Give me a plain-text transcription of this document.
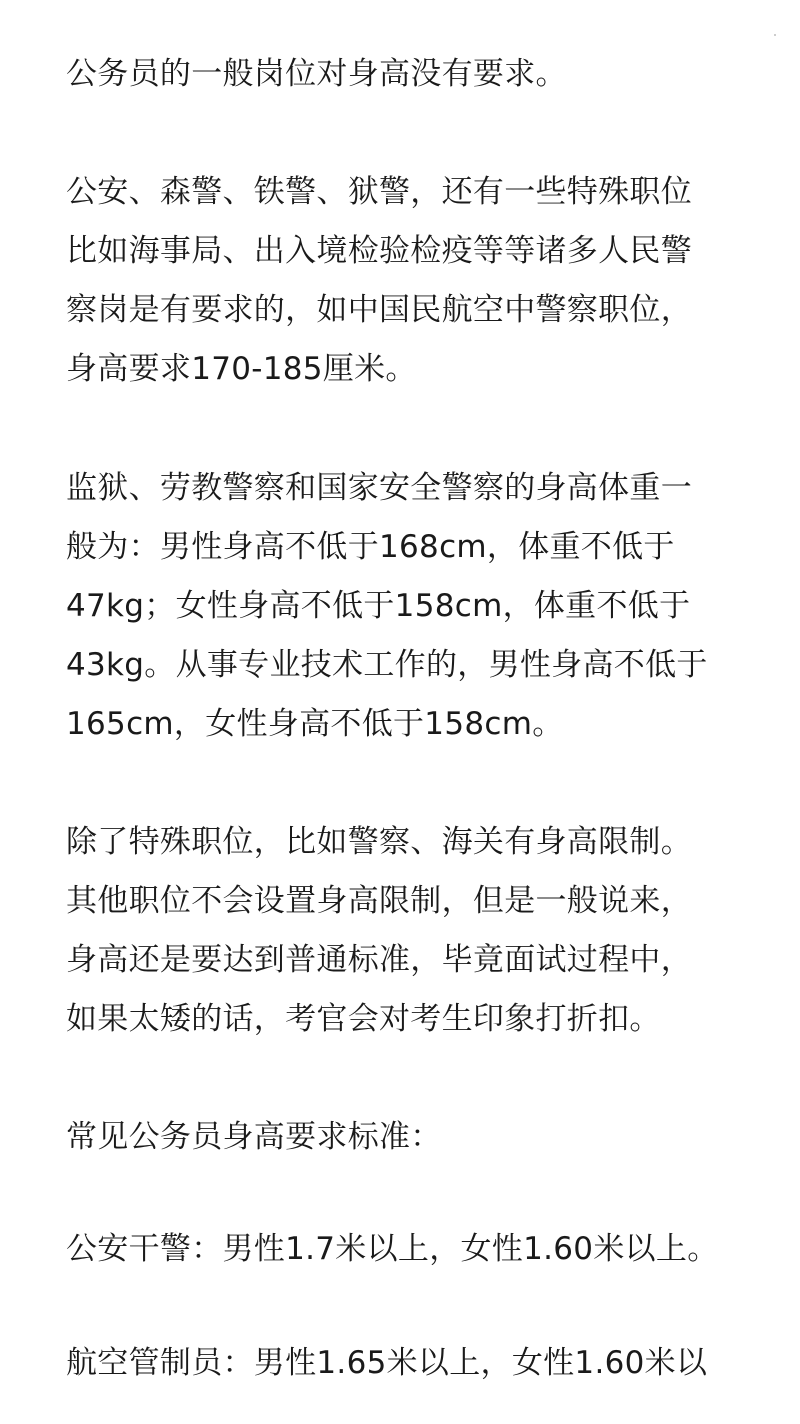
公务员的一般岗位对身高没有要求。

公安、森警、铁警、狱警，还有一些特殊职位
比如海事局、出入境检验检疫等等诸多人民警
察岗是有要求的，如中国民航空中警察职位，
身高要求170-185厘米。

监狱、劳教警察和国家安全警察的身高体重一
般为：男性身高不低于168cm，体重不低于
47kg；女性身高不低于158cm，体重不低于
43kg。从事专业技术工作的，男性身高不低于
165cm，女性身高不低于158cm。

除了特殊职位，比如警察、海关有身高限制。
其他职位不会设置身高限制，但是一般说来，
身高还是要达到普通标准，毕竟面试过程中，
如果太矮的话，考官会对考生印象打折扣。

常见公务员身高要求标准：

公安干警：男性1.7米以上，女性1.60米以上。

航空管制员：男性1.65米以上，女性1.60米以
